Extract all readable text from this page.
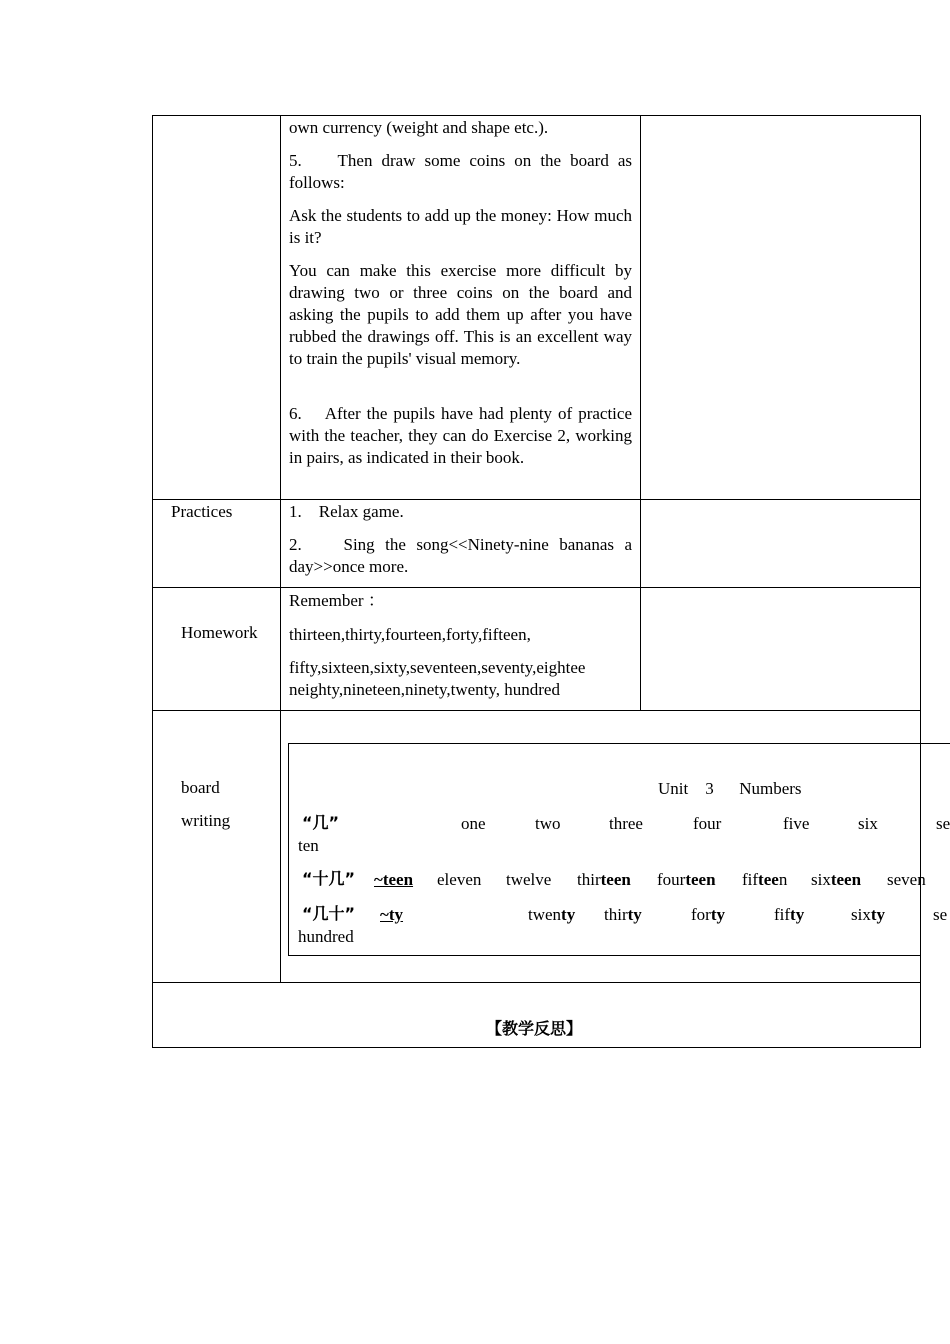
own currency (weight and shape etc.).
5.    Then draw some coins on the board as follows:
Ask the students to add up the money: How much is it?
You can make this exercise more difficult by drawing two or three coins on the board and asking the pupils to add them up after you have rubbed the drawings off. This is an excellent way to train the pupils' visual memory.
6.    After the pupils have had plenty of practice with the teacher, they can do Exercise 2, working in pairs, as indicated in their book.
Practices	1.    Relax game.
2.    Sing the song<<Ninety-nine bananas a day>>once more.
Homework
Remember ：
thirteen,thirty,fourteen,forty,fifteen,
fifty,sixteen,sixty,seventeen,seventy,eightee
neighty,nineteen,ninety,twenty, hundred
board
writing
Unit    3      Numbers
“几”	one	two	three	four	five	six	se
ten
“十几” ~teen eleven twelve thirteen fourteen fifteen sixteen seven
“几十” ~ty	twenty thirty	forty	fifty	sixty	se
hundred
【教学反思】
